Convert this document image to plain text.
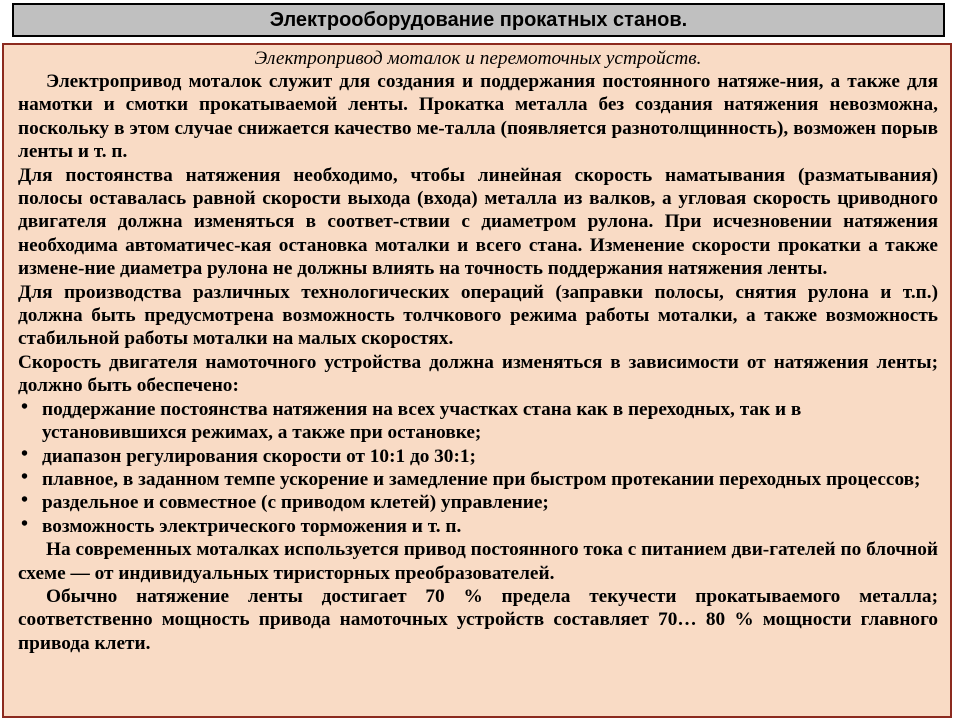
Электрооборудование прокатных станов.

Электропривод моталок и перемоточных устройств.

Электропривод моталок служит для создания и поддержания постоянного натяже-ния, а также для намотки и смотки прокатываемой ленты. Прокатка металла без создания натяжения невозможна, поскольку в этом случае снижается качество ме-талла (появляется разнотолщинность), возможен порыв ленты и т. п.

Для постоянства натяжения необходимо, чтобы линейная скорость наматывания (разматывания) полосы оставалась равной скорости выхода (входа) металла из валков, а угловая скорость цриводного двигателя должна изменяться в соответ-ствии с диаметром рулона. При исчезновении натяжения необходима автоматичес-кая остановка моталки и всего стана. Изменение скорости прокатки а также измене-ние диаметра рулона не должны влиять на точность поддержания натяжения ленты.

Для производства различных технологических операций (заправки полосы, снятия рулона и т.п.) должна быть предусмотрена возможность толчкового режима работы моталки, а также возможность стабильной работы моталки на малых скоростях.

Скорость двигателя намоточного устройства должна изменяться в зависимости от натяжения ленты; должно быть обеспечено:

• поддержание постоянства натяжения на всех участках стана как в переходных, так и в установившихся режимах, а также при остановке;
• диапазон регулирования скорости от 10:1 до 30:1;
• плавное, в заданном темпе ускорение и замедление при быстром протекании переходных процессов;
• раздельное и совместное (с приводом клетей) управление;
• возможность электрического торможения и т. п.

На современных моталках используется привод постоянного тока с питанием дви-гателей по блочной схеме — от индивидуальных тиристорных преобразователей.

Обычно натяжение ленты достигает 70 % предела текучести прокатываемого металла; соответственно мощность привода намоточных устройств составляет 70… 80 % мощности главного привода клети.
